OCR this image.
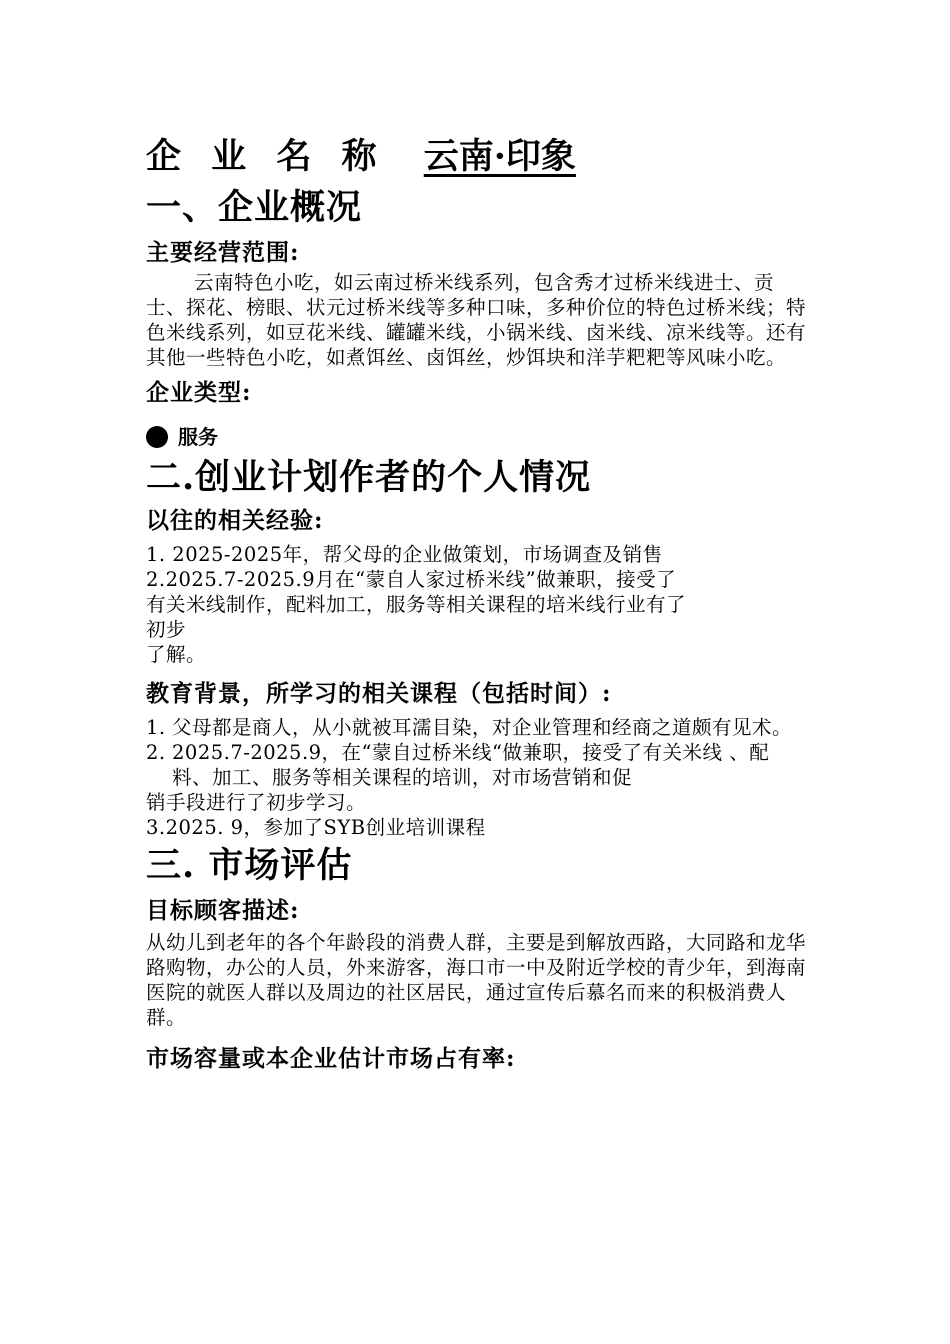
企 业 名 称 云南·印象
一、企业概况
主要经营范围:

云南特色小吃，如云南过桥米线系列，包含秀才过桥米线进士、贡士、探花、榜眼、状元过桥米线等多种口味，多种价位的特色过桥米线；特色米线系列，如豆花米线、罐罐米线，小锅米线、卤米线、凉米线等。还有其他一些特色小吃，如煮饵丝、卤饵丝，炒饵块和洋芋粑粑等风味小吃。

企业类型:
服务
二.创业计划作者的个人情况
以往的相关经验:
1. 2025-2025年，帮父母的企业做策划，市场调查及销售
2.2025.7-2025.9月在“蒙自人家过桥米线”做兼职，接受了
有关米线制作，配料加工，服务等相关课程的培米线行业有了
初步
了解。
教育背景，所学习的相关课程（包括时间）:
1. 父母都是商人，从小就被耳濡目染，对企业管理和经商之道颇有见术。
2. 2025.7-2025.9，在“蒙自过桥米线“做兼职，接受了有关米线 、配料、加工、服务等相关课程的培训，对市场营销和促
销手段进行了初步学习。
3.2025. 9，参加了SYB创业培训课程
三. 市场评估
目标顾客描述:

从幼儿到老年的各个年龄段的消费人群，主要是到解放西路，大同路和龙华路购物，办公的人员，外来游客，海口市一中及附近学校的青少年，到海南医院的就医人群以及周边的社区居民，通过宣传后慕名而来的积极消费人群。

市场容量或本企业估计市场占有率:
